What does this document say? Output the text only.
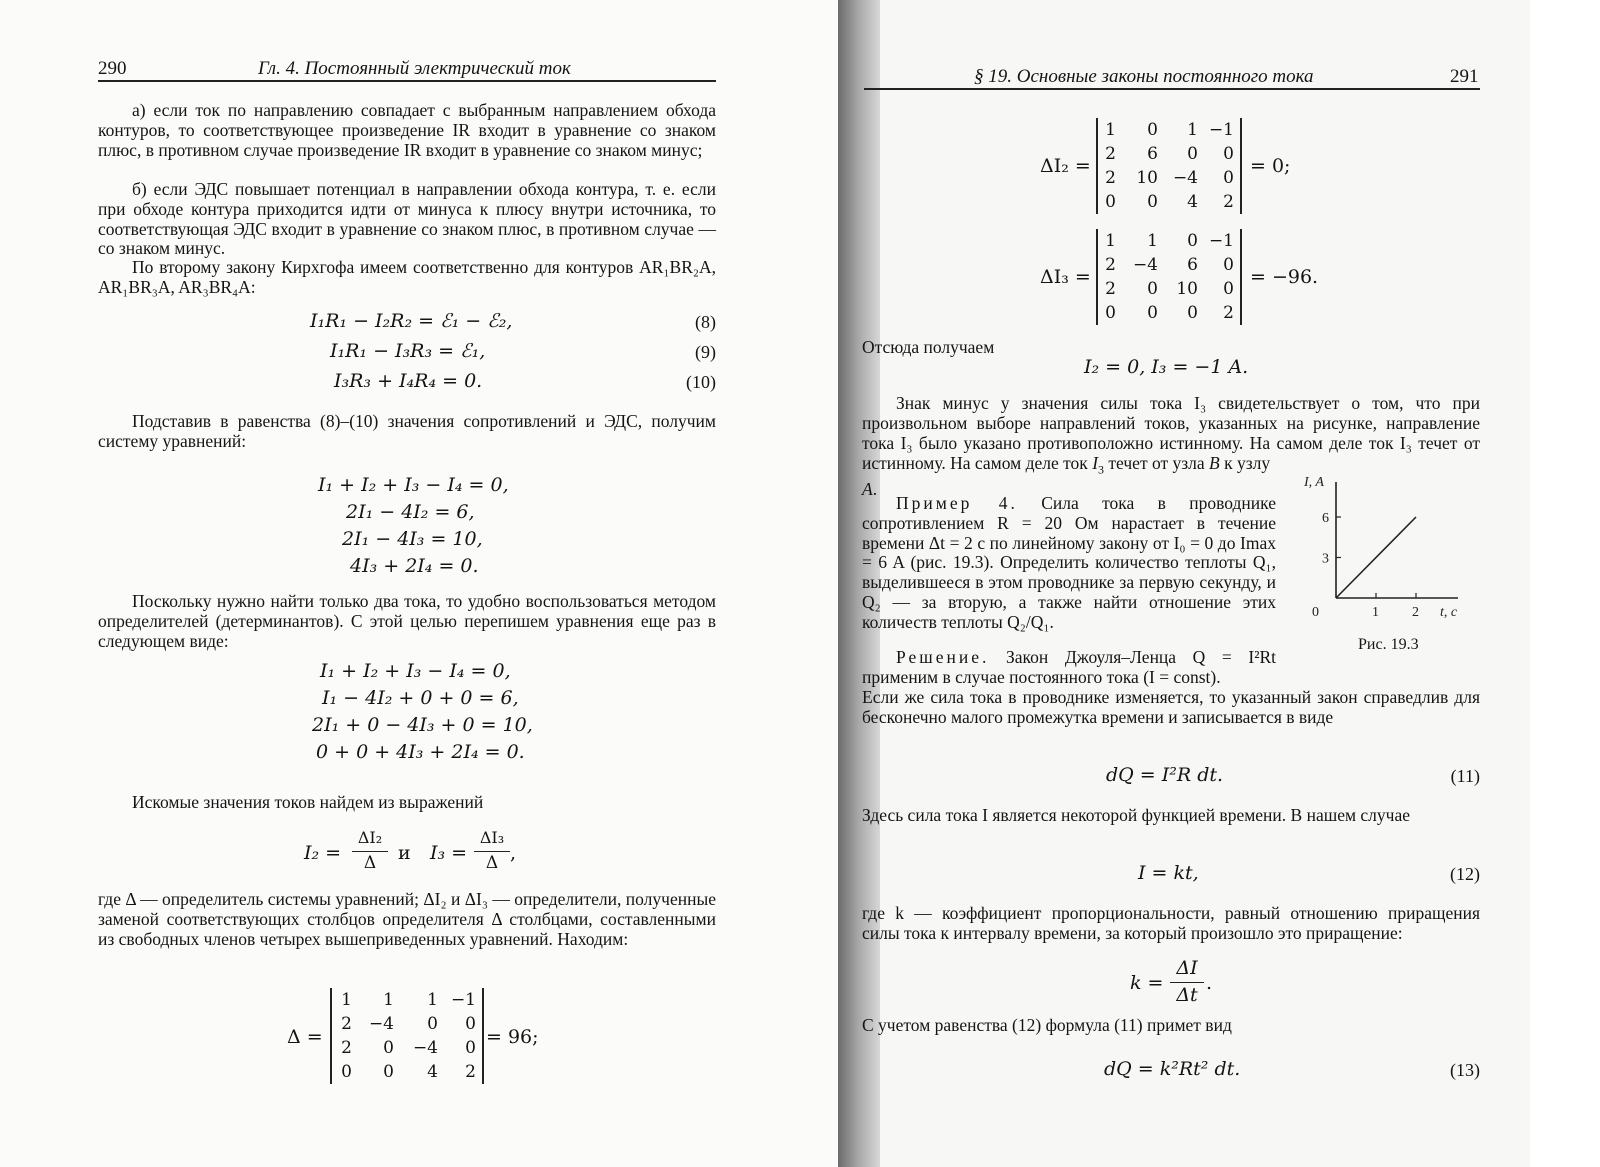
290	Гл. 4. Постоянный электрический ток

а) если ток по направлению совпадает с выбранным направлением обхода контуров, то соответствующее произведение IR входит в уравнение со знаком плюс, в противном случае произведение IR входит в уравнение со знаком минус;

б) если ЭДС повышает потенциал в направлении обхода контура, т. е. если при обходе контура приходится идти от минуса к плюсу внутри источника, то соответствующая ЭДС входит в уравнение со знаком плюс, в противном случае — со знаком минус.

По второму закону Кирхгофа имеем соответственно для контуров AR₁BR₂A, AR₁BR₃A, AR₃BR₄A:

I₁R₁ − I₂R₂ = ℰ₁ − ℰ₂,	(8)
I₁R₁ − I₃R₃ = ℰ₁,	(9)
I₃R₃ + I₄R₄ = 0.	(10)

Подставив в равенства (8)–(10) значения сопротивлений и ЭДС, получим систему уравнений:

I₁ + I₂ + I₃ − I₄ = 0,
2I₁ − 4I₂ = 6,
2I₁ − 4I₃ = 10,
4I₃ + 2I₄ = 0.

Поскольку нужно найти только два тока, то удобно воспользоваться методом определителей (детерминантов). С этой целью перепишем уравнения еще раз в следующем виде:

I₁ + I₂ + I₃ − I₄ = 0,
I₁ − 4I₂ + 0 + 0 = 6,
2I₁ + 0 − 4I₃ + 0 = 10,
0 + 0 + 4I₃ + 2I₄ = 0.

Искомые значения токов найдем из выражений

I₂ =
ΔI₂
Δ	и I₃ =
ΔI₃
Δ ,

где Δ — определитель системы уравнений; ΔI₂ и ΔI₃ — определители, полученные заменой соответствующих столбцов определителя Δ столбцами, составленными из свободных членов четырех вышеприведенных уравнений. Находим:

Δ =
1	1	1	−1
2	−4	0	0
2	0	−4	0
0	0	4	2
= 96;
§ 19. Основные законы постоянного тока	291
ΔI₂ =
1	0	1	−1
2	6	0	0
2	10	−4	0
0	0	4	2
= 0;
ΔI₃ =
1	1	0	−1
2	−4	6	0
2	0	10	0
0	0	0	2
= −96.

Отсюда получаем

I₂ = 0, I₃ = −1 A.

Знак минус у значения силы тока I₃ свидетельствует о том, что при произвольном выборе направлений токов, указанных на рисунке, направление тока I₃ было указано противоположно истинному. На самом деле ток I₃ течет от

истинному. На самом деле ток $I_3$ течет от узла B к узлу A.

Пример 4. Сила тока в проводнике сопротивлением R = 20 Ом нарастает в течение времени Δt = 2 с по линейному закону от I₀ = 0 до Imax = 6 A (рис. 19.3). Определить количество теплоты Q₁, выделившееся в этом проводнике за первую секунду, и Q₂ — за вторую, а также найти отношение этих количеств теплоты Q₂/Q₁.

Решение. Закон Джоуля–Ленца Q = I²Rt применим в случае постоянного тока (I = const).

Если же сила тока в проводнике изменяется, то указанный закон справедлив для бесконечно малого промежутка времени и записывается в виде

dQ = I²R dt.	(11)

Здесь сила тока I является некоторой функцией времени. В нашем случае

I = kt,	(12)

где k — коэффициент пропорциональности, равный отношению приращения силы тока к интервалу времени, за который произошло это приращение:

k =
ΔI
Δt
.

С учетом равенства (12) формула (11) примет вид

dQ = k²Rt² dt.	(13)
I, A
t, c
0	1 2
3
6
Рис. 19.3
